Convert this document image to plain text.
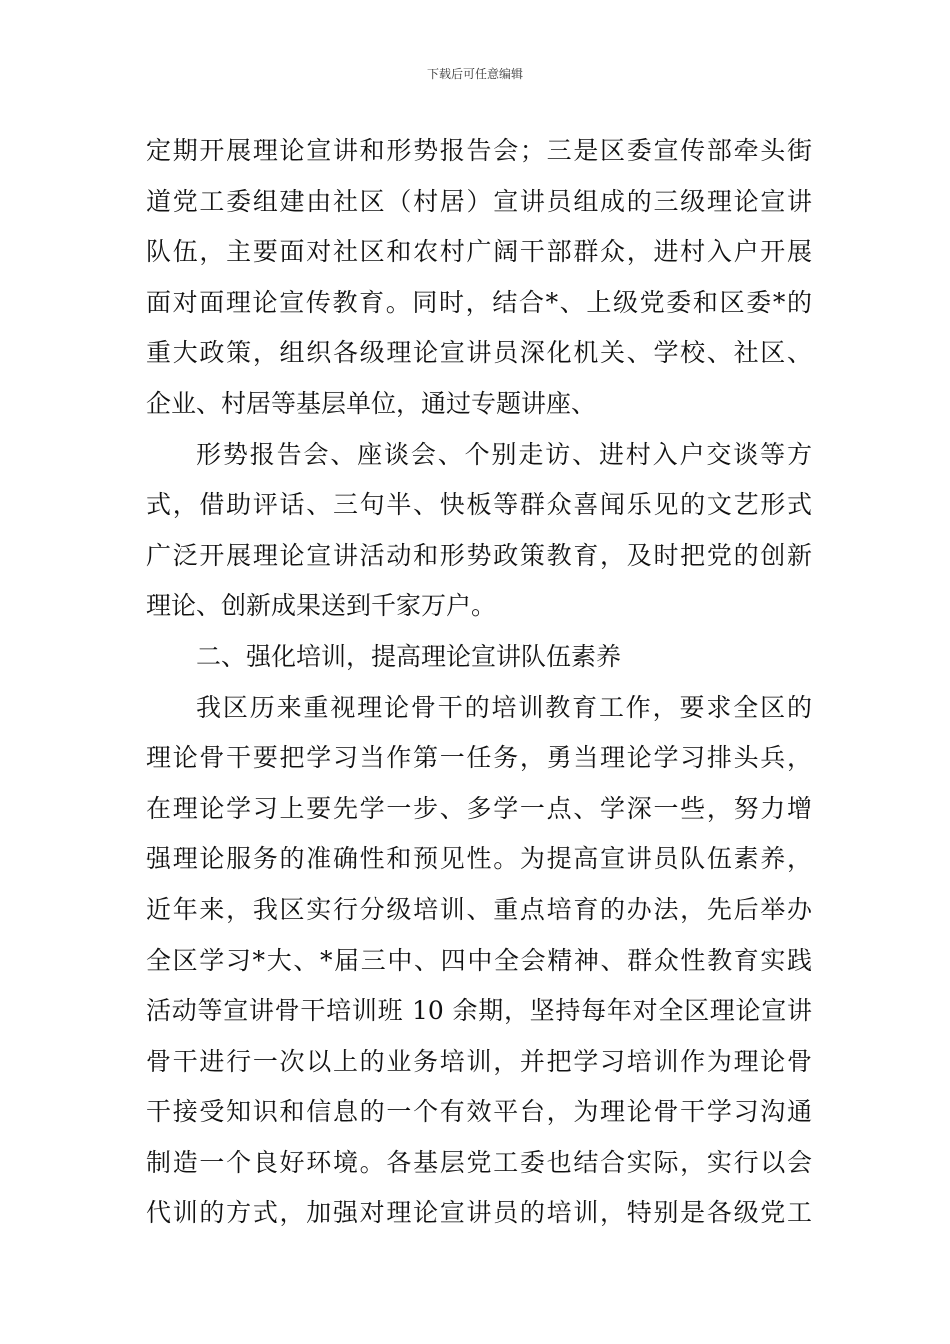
下载后可任意编辑
定期开展理论宣讲和形势报告会；三是区委宣传部牵头街
道党工委组建由社区（村居）宣讲员组成的三级理论宣讲
队伍，主要面对社区和农村广阔干部群众，进村入户开展
面对面理论宣传教育。同时，结合*、上级党委和区委*的
重大政策，组织各级理论宣讲员深化机关、学校、社区、
企业、村居等基层单位，通过专题讲座、
形势报告会、座谈会、个别走访、进村入户交谈等方
式，借助评话、三句半、快板等群众喜闻乐见的文艺形式
广泛开展理论宣讲活动和形势政策教育，及时把党的创新
理论、创新成果送到千家万户。
二、强化培训，提高理论宣讲队伍素养
我区历来重视理论骨干的培训教育工作，要求全区的
理论骨干要把学习当作第一任务，勇当理论学习排头兵，
在理论学习上要先学一步、多学一点、学深一些，努力增
强理论服务的准确性和预见性。为提高宣讲员队伍素养，
近年来，我区实行分级培训、重点培育的办法，先后举办
全区学习*大、*届三中、四中全会精神、群众性教育实践
活动等宣讲骨干培训班 10 余期，坚持每年对全区理论宣讲
骨干进行一次以上的业务培训，并把学习培训作为理论骨
干接受知识和信息的一个有效平台，为理论骨干学习沟通
制造一个良好环境。各基层党工委也结合实际，实行以会
代训的方式，加强对理论宣讲员的培训，特别是各级党工
